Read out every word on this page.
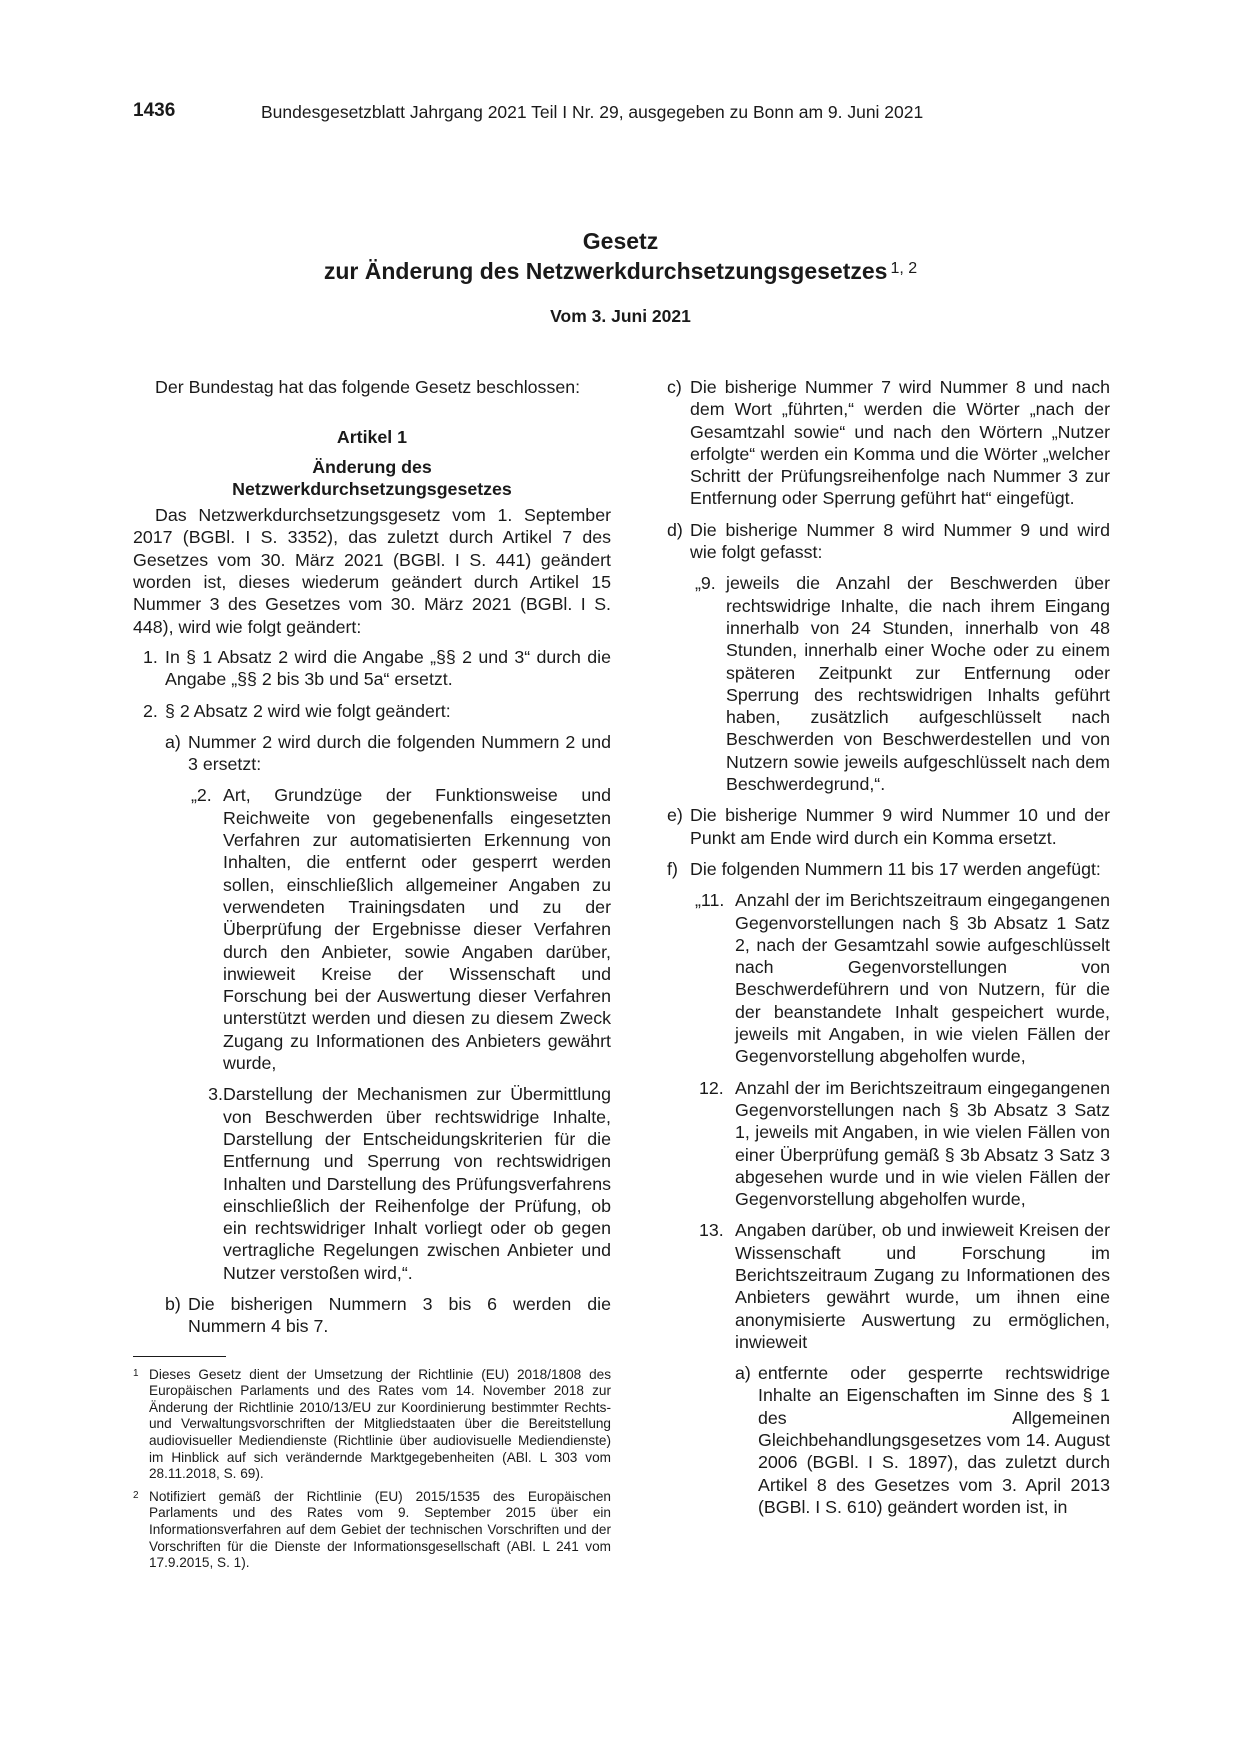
1436	Bundesgesetzblatt Jahrgang 2021 Teil I Nr. 29, ausgegeben zu Bonn am 9. Juni 2021
Gesetz
zur Änderung des Netzwerkdurchsetzungsgesetzes $^{1, 2}$
Vom 3. Juni 2021

Der Bundestag hat das folgende Gesetz beschlossen:

Artikel 1

Änderung des

Netzwerkdurchsetzungsgesetzes

Das Netzwerkdurchsetzungsgesetz vom 1. September 2017 (BGBl. I S. 3352), das zuletzt durch Artikel 7 des Gesetzes vom 30. März 2021 (BGBl. I S. 441) geändert worden ist, dieses wiederum geändert durch Artikel 15 Nummer 3 des Gesetzes vom 30. März 2021 (BGBl. I S. 448), wird wie folgt geändert:

1. In § 1 Absatz 2 wird die Angabe „§§ 2 und 3“ durch die Angabe „§§ 2 bis 3b und 5a“ ersetzt.
2. § 2 Absatz 2 wird wie folgt geändert:
a) Nummer 2 wird durch die folgenden Nummern 2 und 3 ersetzt:
„2. Art, Grundzüge der Funktionsweise und Reichweite von gegebenenfalls eingesetzten Verfahren zur automatisierten Erkennung von Inhalten, die entfernt oder gesperrt werden sollen, einschließlich allgemeiner Angaben zu verwendeten Trainingsdaten und zu der Überprüfung der Ergebnisse dieser Verfahren durch den Anbieter, sowie Angaben darüber, inwieweit Kreise der Wissenschaft und Forschung bei der Auswertung dieser Verfahren unterstützt werden und diesen zu diesem Zweck Zugang zu Informationen des Anbieters gewährt wurde,
3. Darstellung der Mechanismen zur Übermittlung von Beschwerden über rechtswidrige Inhalte, Darstellung der Entscheidungskriterien für die Entfernung und Sperrung von rechtswidrigen Inhalten und Darstellung des Prüfungsverfahrens einschließlich der Reihenfolge der Prüfung, ob ein rechtswidriger Inhalt vorliegt oder ob gegen vertragliche Regelungen zwischen Anbieter und Nutzer verstoßen wird,“.
b) Die bisherigen Nummern 3 bis 6 werden die Nummern 4 bis 7.
1 Dieses Gesetz dient der Umsetzung der Richtlinie (EU) 2018/1808 des Europäischen Parlaments und des Rates vom 14. November 2018 zur Änderung der Richtlinie 2010/13/EU zur Koordinierung bestimmter Rechts- und Verwaltungsvorschriften der Mitgliedstaaten über die Bereitstellung audiovisueller Mediendienste (Richtlinie über audiovisuelle Mediendienste) im Hinblick auf sich verändernde Marktgegebenheiten (ABl. L 303 vom 28.11.2018, S. 69).
2 Notifiziert gemäß der Richtlinie (EU) 2015/1535 des Europäischen Parlaments und des Rates vom 9. September 2015 über ein Informationsverfahren auf dem Gebiet der technischen Vorschriften und der Vorschriften für die Dienste der Informationsgesellschaft (ABl. L 241 vom 17.9.2015, S. 1).
c) Die bisherige Nummer 7 wird Nummer 8 und nach dem Wort „führten,“ werden die Wörter „nach der Gesamtzahl sowie“ und nach den Wörtern „Nutzer erfolgte“ werden ein Komma und die Wörter „welcher Schritt der Prüfungsreihenfolge nach Nummer 3 zur Entfernung oder Sperrung geführt hat“ eingefügt.
d) Die bisherige Nummer 8 wird Nummer 9 und wird wie folgt gefasst:
„9. jeweils die Anzahl der Beschwerden über rechtswidrige Inhalte, die nach ihrem Eingang innerhalb von 24 Stunden, innerhalb von 48 Stunden, innerhalb einer Woche oder zu einem späteren Zeitpunkt zur Entfernung oder Sperrung des rechtswidrigen Inhalts geführt haben, zusätzlich aufgeschlüsselt nach Beschwerden von Beschwerdestellen und von Nutzern sowie jeweils aufgeschlüsselt nach dem Beschwerdegrund,“.
e) Die bisherige Nummer 9 wird Nummer 10 und der Punkt am Ende wird durch ein Komma ersetzt.
f) Die folgenden Nummern 11 bis 17 werden angefügt:
„11. Anzahl der im Berichtszeitraum eingegangenen Gegenvorstellungen nach § 3b Absatz 1 Satz 2, nach der Gesamtzahl sowie aufgeschlüsselt nach Gegenvorstellungen von Beschwerdeführern und von Nutzern, für die der beanstandete Inhalt gespeichert wurde, jeweils mit Angaben, in wie vielen Fällen der Gegenvorstellung abgeholfen wurde,
12. Anzahl der im Berichtszeitraum eingegangenen Gegenvorstellungen nach § 3b Absatz 3 Satz 1, jeweils mit Angaben, in wie vielen Fällen von einer Überprüfung gemäß § 3b Absatz 3 Satz 3 abgesehen wurde und in wie vielen Fällen der Gegenvorstellung abgeholfen wurde,
13. Angaben darüber, ob und inwieweit Kreisen der Wissenschaft und Forschung im Berichtszeitraum Zugang zu Informationen des Anbieters gewährt wurde, um ihnen eine anonymisierte Auswertung zu ermöglichen, inwieweit
a) entfernte oder gesperrte rechtswidrige Inhalte an Eigenschaften im Sinne des § 1 des Allgemeinen Gleichbehandlungsgesetzes vom 14. August 2006 (BGBl. I S. 1897), das zuletzt durch Artikel 8 des Gesetzes vom 3. April 2013 (BGBl. I S. 610) geändert worden ist, in
